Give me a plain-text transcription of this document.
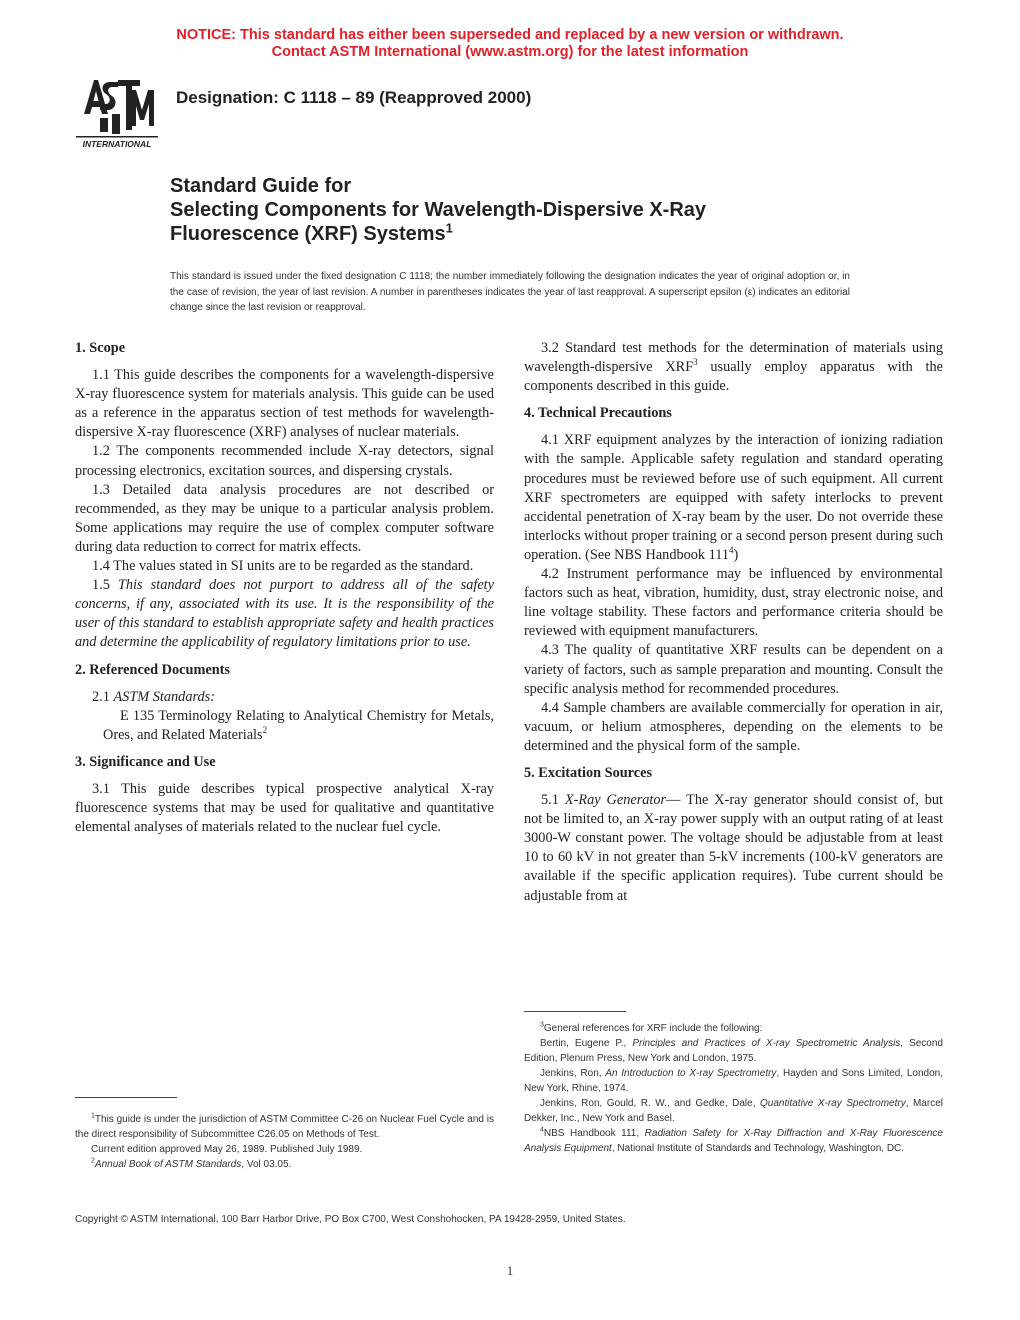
NOTICE: This standard has either been superseded and replaced by a new version or withdrawn.
Contact ASTM International (www.astm.org) for the latest information
INTERNATIONAL
Designation: C 1118 – 89 (Reapproved 2000)
Standard Guide for
Selecting Components for Wavelength-Dispersive X-Ray
Fluorescence (XRF) Systems$^1$
This standard is issued under the fixed designation C 1118; the number immediately following the designation indicates the year of original adoption or, in the case of revision, the year of last revision. A number in parentheses indicates the year of last reapproval. A superscript epsilon (ε) indicates an editorial change since the last revision or reapproval.
1. Scope

1.1 This guide describes the components for a wavelength-dispersive X-ray fluorescence system for materials analysis. This guide can be used as a reference in the apparatus section of test methods for wavelength-dispersive X-ray fluorescence (XRF) analyses of nuclear materials.

1.2 The components recommended include X-ray detectors, signal processing electronics, excitation sources, and dispersing crystals.

1.3 Detailed data analysis procedures are not described or recommended, as they may be unique to a particular analysis problem. Some applications may require the use of complex computer software during data reduction to correct for matrix effects.

1.4 The values stated in SI units are to be regarded as the standard.

1.5 This standard does not purport to address all of the safety concerns, if any, associated with its use. It is the responsibility of the user of this standard to establish appropriate safety and health practices and determine the applicability of regulatory limitations prior to use.

2. Referenced Documents

2.1 ASTM Standards:

E 135 Terminology Relating to Analytical Chemistry for Metals, Ores, and Related Materials$^2$

3. Significance and Use

3.1 This guide describes typical prospective analytical X-ray fluorescence systems that may be used for qualitative and quantitative elemental analyses of materials related to the nuclear fuel cycle.

3.2 Standard test methods for the determination of materials using wavelength-dispersive XRF$^3$ usually employ apparatus with the components described in this guide.

4. Technical Precautions

4.1 XRF equipment analyzes by the interaction of ionizing radiation with the sample. Applicable safety regulation and standard operating procedures must be reviewed before use of such equipment. All current XRF spectrometers are equipped with safety interlocks to prevent accidental penetration of X-ray beam by the user. Do not override these interlocks without proper training or a second person present during such operation. (See NBS Handbook $111^4$)

4.2 Instrument performance may be influenced by environmental factors such as heat, vibration, humidity, dust, stray electronic noise, and line voltage stability. These factors and performance criteria should be reviewed with equipment manufacturers.

4.3 The quality of quantitative XRF results can be dependent on a variety of factors, such as sample preparation and mounting. Consult the specific analysis method for recommended procedures.

4.4 Sample chambers are available commercially for operation in air, vacuum, or helium atmospheres, depending on the elements to be determined and the physical form of the sample.

5. Excitation Sources

5.1 X-Ray Generator— The X-ray generator should consist of, but not be limited to, an X-ray power supply with an output rating of at least 3000-W constant power. The voltage should be adjustable from at least 10 to 60 kV in not greater than 5-kV increments (100-kV generators are available if the specific application requires). Tube current should be adjustable from at

$^1$This guide is under the jurisdiction of ASTM Committee C-26 on Nuclear Fuel Cycle and is the direct responsibility of Subcommittee C26.05 on Methods of Test.

Current edition approved May 26, 1989. Published July 1989.

$^2$Annual Book of ASTM Standards, Vol 03.05.

$^3$General references for XRF include the following:

Bertin, Eugene P., Principles and Practices of X-ray Spectrometric Analysis, Second Edition, Plenum Press, New York and London, 1975.

Jenkins, Ron, An Introduction to X-ray Spectrometry, Hayden and Sons Limited, London, New York, Rhine, 1974.

Jenkins, Ron, Gould, R. W., and Gedke, Dale, Quantitative X-ray Spectrometry, Marcel Dekker, Inc., New York and Basel.

$^4$NBS Handbook 111, Radiation Safety for X-Ray Diffraction and X-Ray Fluorescence Analysis Equipment, National Institute of Standards and Technology, Washington, DC.

Copyright © ASTM International, 100 Barr Harbor Drive, PO Box C700, West Conshohocken, PA 19428-2959, United States.
1
